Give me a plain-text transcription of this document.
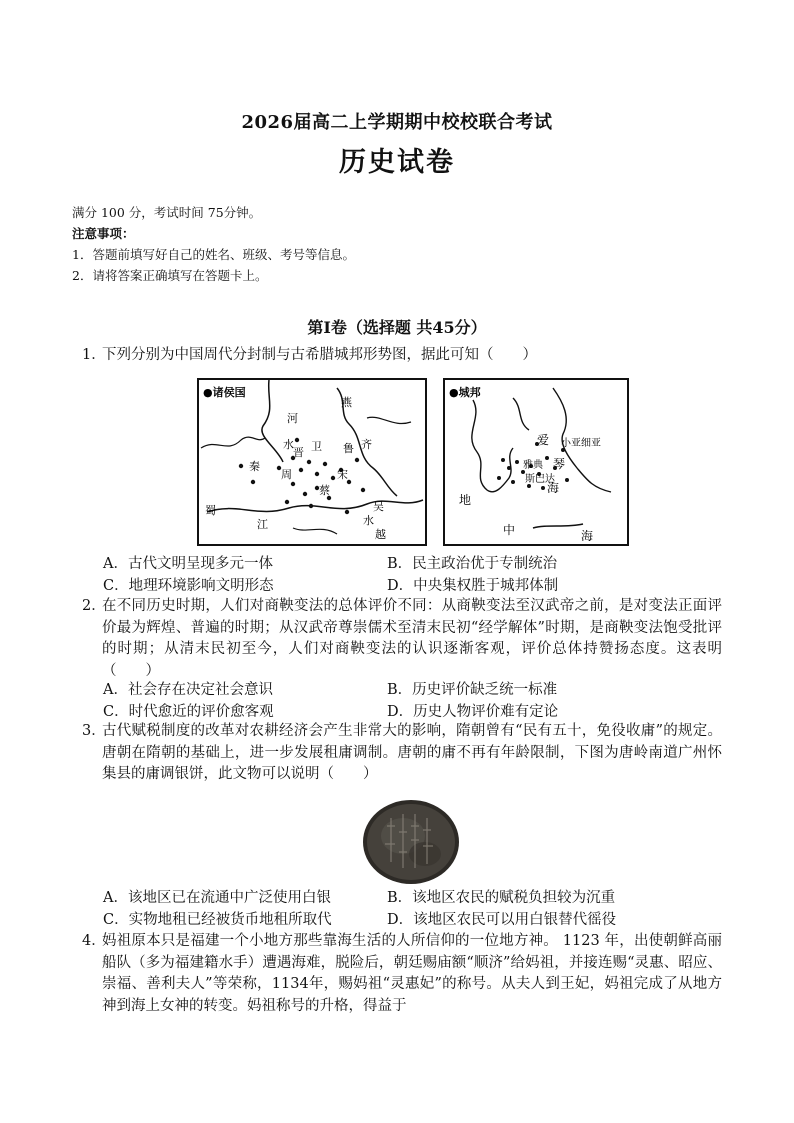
2026届高二上学期期中校校联合考试
历史试卷
满分 100 分，考试时间 75分钟。
注意事项：
1．答题前填写好自己的姓名、班级、考号等信息。
2．请将答案正确填写在答题卡上。
第Ⅰ卷（选择题 共45分）
1．
下列分别为中国周代分封制与古希腊城邦形势图，据此可知（　　）
●诸侯国
河
水
燕
晋 卫 鲁 齐
秦
周	宋
蔡
吴
蜀
江	水
越
●城邦
爱
琴
小亚细亚
雅典
斯巴达
海
地
中	海
A．古代文明呈现多元一体	B．民主政治优于专制统治
C．地理环境影响文明形态	D．中央集权胜于城邦体制
2．
在不同历史时期，人们对商鞅变法的总体评价不同：从商鞅变法至汉武帝之前，是对变法正面评价最为辉煌、普遍的时期；从汉武帝尊崇儒术至清末民初“经学解体”时期，是商鞅变法饱受批评的时期；从清末民初至今，人们对商鞅变法的认识逐渐客观，评价总体持赞扬态度。这表明（　　）
A．社会存在决定社会意识	B．历史评价缺乏统一标准
C．时代愈近的评价愈客观	D．历史人物评价难有定论
3．
古代赋税制度的改革对农耕经济会产生非常大的影响，隋朝曾有“民有五十，免役收庸”的规定。唐朝在隋朝的基础上，进一步发展租庸调制。唐朝的庸不再有年龄限制，下图为唐岭南道广州怀集县的庸调银饼，此文物可以说明（　　）
A．该地区已在流通中广泛使用白银	B．该地区农民的赋税负担较为沉重
C．实物地租已经被货币地租所取代	D．该地区农民可以用白银替代徭役
4．
妈祖原本只是福建一个小地方那些靠海生活的人所信仰的一位地方神。 1123 年，出使朝鲜高丽船队（多为福建籍水手）遭遇海难，脱险后，朝廷赐庙额“顺济”给妈祖，并接连赐“灵惠、昭应、崇福、善利夫人”等荣称，1134年，赐妈祖“灵惠妃”的称号。从夫人到王妃，妈祖完成了从地方神到海上女神的转变。妈祖称号的升格，得益于
